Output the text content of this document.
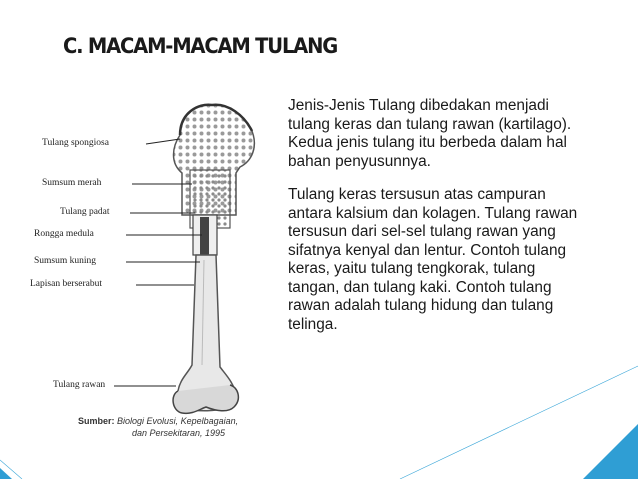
C. MACAM-MACAM TULANG
Tulang spongiosa
Sumsum merah
Tulang padat
Rongga medula
Sumsum kuning
Lapisan berserabut
Tulang rawan
Sumber: Biologi Evolusi, Kepelbagaian,
dan Persekitaran, 1995

Jenis-Jenis Tulang dibedakan menjadi tulang keras dan tulang rawan (kartilago). Kedua jenis tulang itu berbeda dalam hal bahan penyusunnya.

Tulang keras tersusun atas campuran antara kalsium dan kolagen. Tulang rawan tersusun dari sel-sel tulang rawan yang sifatnya kenyal dan lentur. Contoh tulang keras, yaitu tulang tengkorak, tulang tangan, dan tulang kaki. Contoh tulang rawan adalah tulang hidung dan tulang telinga.
